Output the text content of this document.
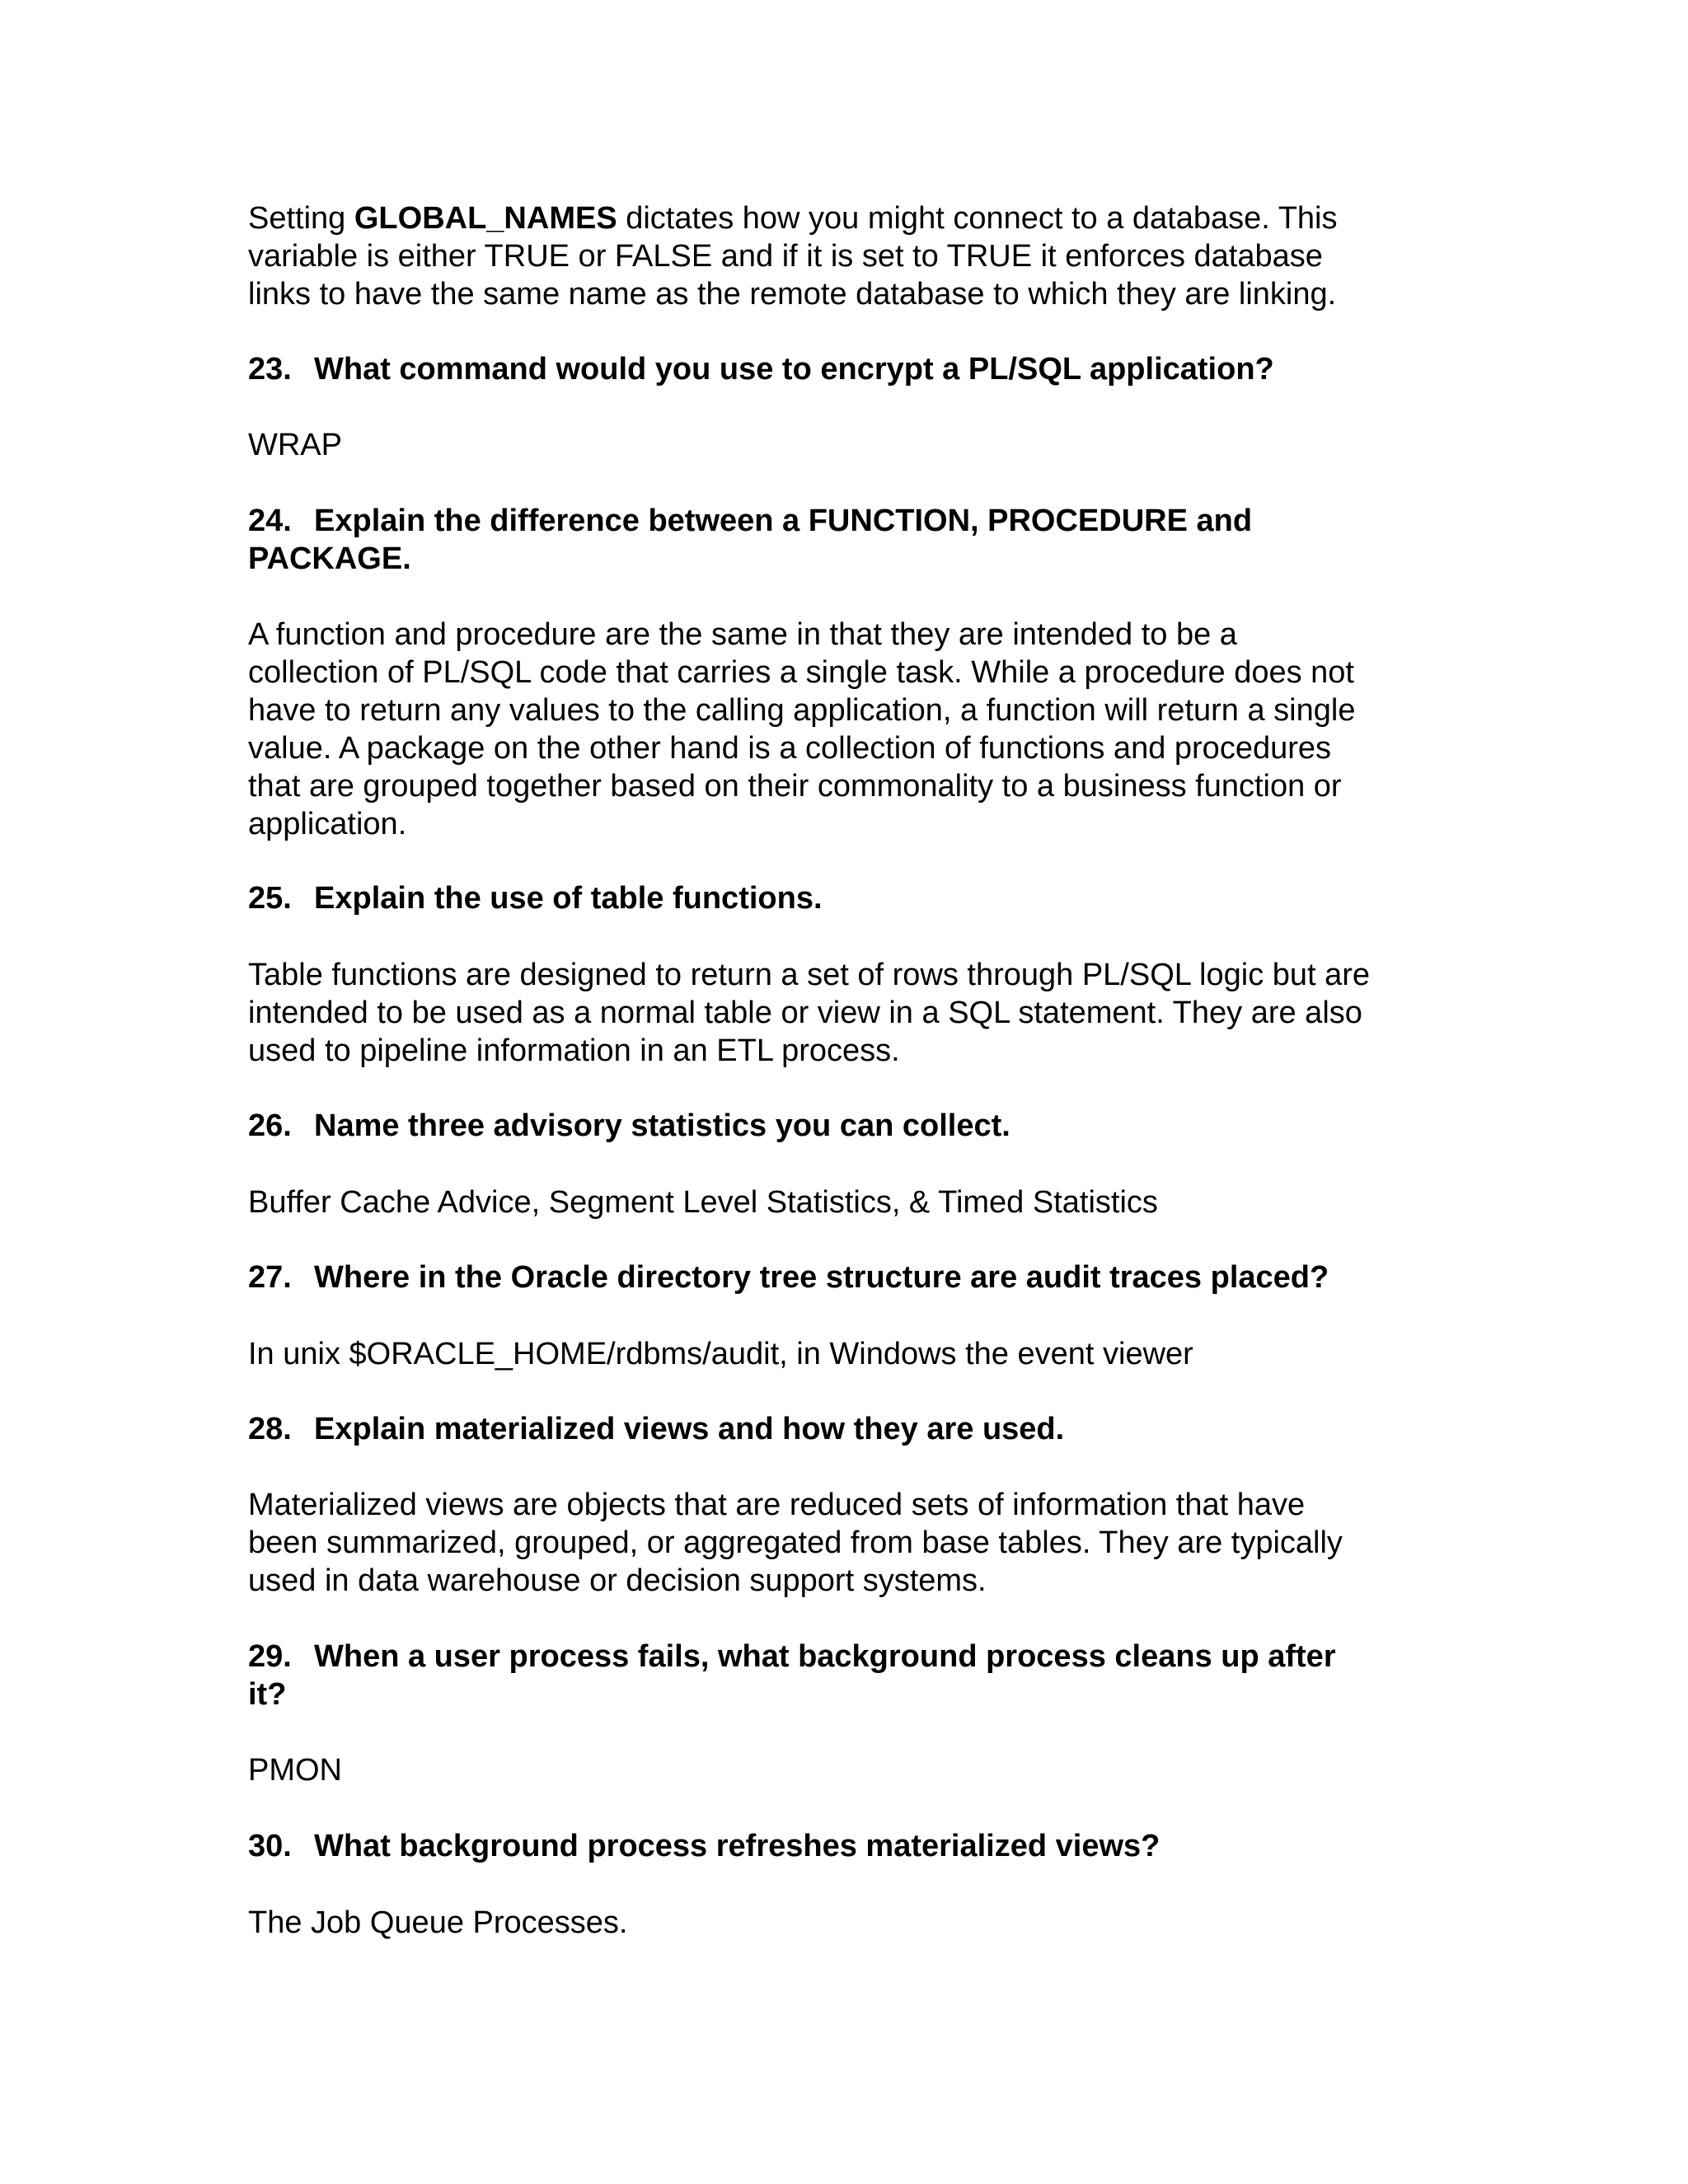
Setting GLOBAL_NAMES dictates how you might connect to a database. This
variable is either TRUE or FALSE and if it is set to TRUE it enforces database
links to have the same name as the remote database to which they are linking.
23. What command would you use to encrypt a PL/SQL application?
WRAP
24. Explain the difference between a FUNCTION, PROCEDURE and
PACKAGE.
A function and procedure are the same in that they are intended to be a
collection of PL/SQL code that carries a single task. While a procedure does not
have to return any values to the calling application, a function will return a single
value. A package on the other hand is a collection of functions and procedures
that are grouped together based on their commonality to a business function or
application.
25. Explain the use of table functions.
Table functions are designed to return a set of rows through PL/SQL logic but are
intended to be used as a normal table or view in a SQL statement. They are also
used to pipeline information in an ETL process.
26. Name three advisory statistics you can collect.
Buffer Cache Advice, Segment Level Statistics, & Timed Statistics
27. Where in the Oracle directory tree structure are audit traces placed?
In unix $ORACLE_HOME/rdbms/audit, in Windows the event viewer
28. Explain materialized views and how they are used.
Materialized views are objects that are reduced sets of information that have
been summarized, grouped, or aggregated from base tables. They are typically
used in data warehouse or decision support systems.
29. When a user process fails, what background process cleans up after
it?
PMON
30. What background process refreshes materialized views?
The Job Queue Processes.
